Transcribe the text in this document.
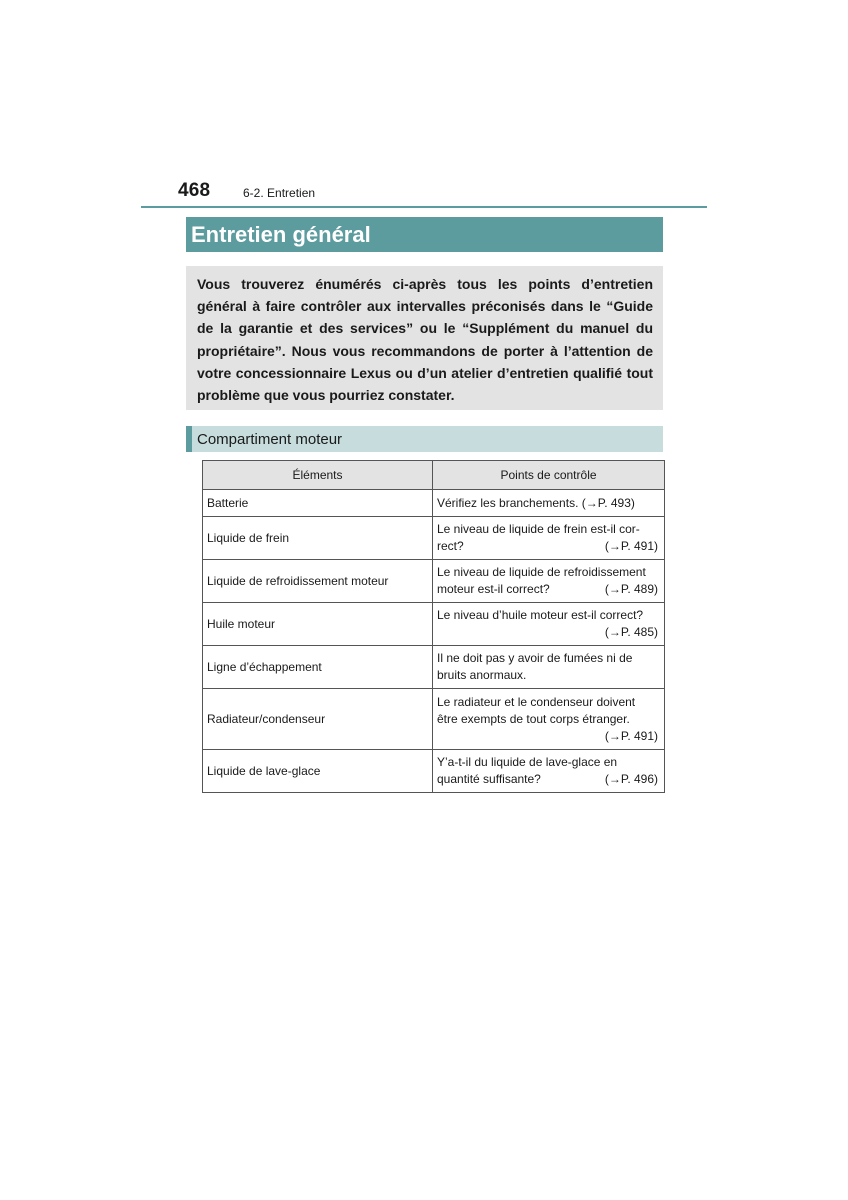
468	6-2. Entretien
Entretien général

Vous trouverez énumérés ci-après tous les points d’entretien général à faire contrôler aux intervalles préconisés dans le “Guide de la garantie et des services” ou le “Supplément du manuel du propriétaire”. Nous vous recommandons de porter à l’attention de votre concessionnaire Lexus ou d’un atelier d’entretien qualifié tout problème que vous pourriez constater.

Compartiment moteur
Éléments	Points de contrôle
Batterie	Vérifiez les branchements. (→P. 493)
Liquide de frein	Le niveau de liquide de frein est-il cor-
rect? (→P. 491)

Liquide de refroidissement moteur	Le niveau de liquide de refroidissement
moteur est-il correct? (→P. 489)

Huile moteur	Le niveau d’huile moteur est-il correct?
(→P. 485)

Ligne d’échappement	Il ne doit pas y avoir de fumées ni de
bruits anormaux.

Radiateur/condenseur	Le radiateur et le condenseur doivent
être exempts de tout corps étranger.
(→P. 491)

Liquide de lave-glace	Y’a-t-il du liquide de lave-glace en
quantité suffisante? (→P. 496)
